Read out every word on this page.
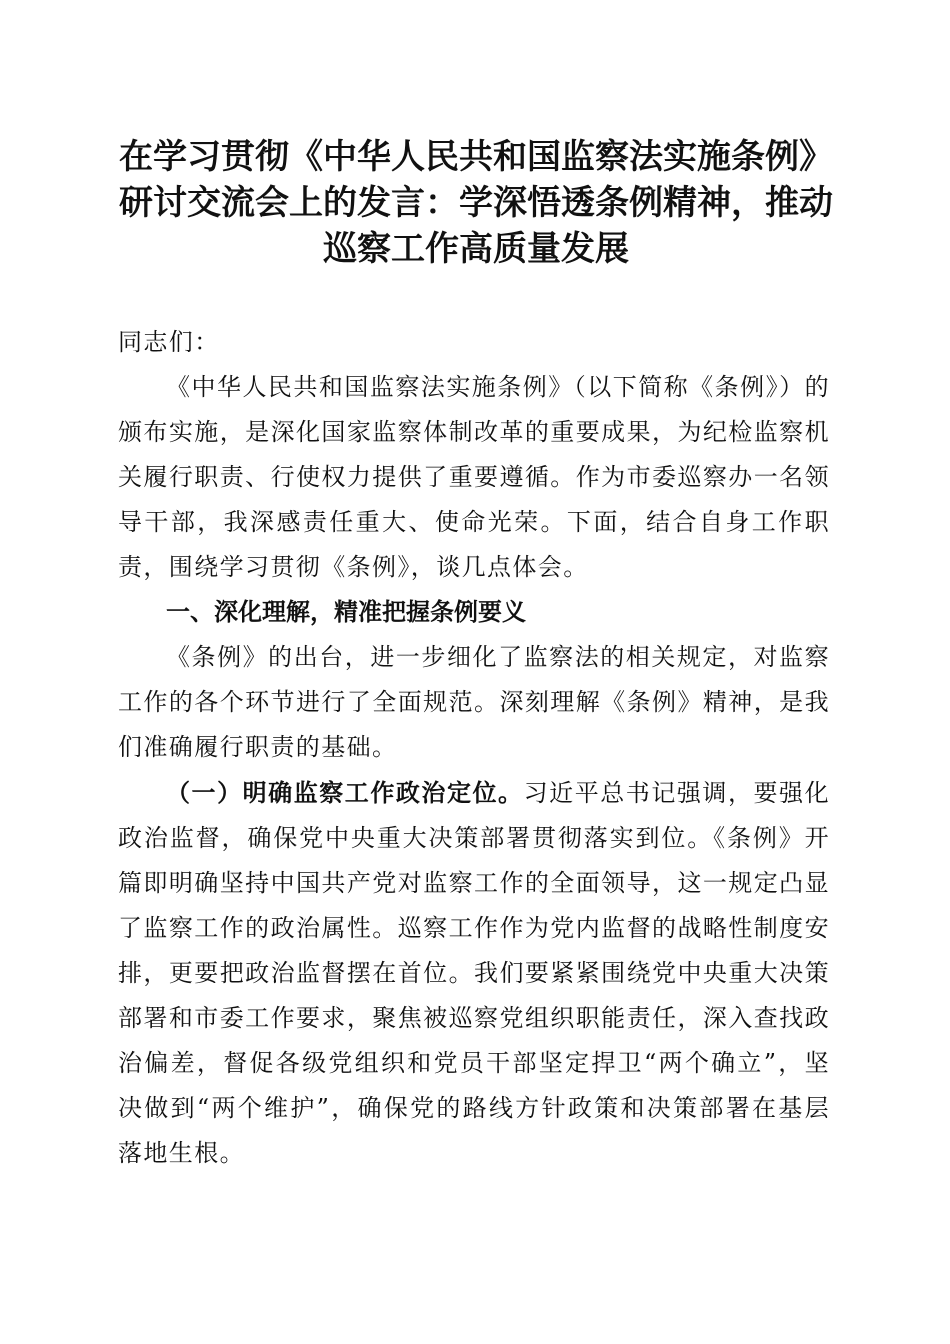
在学习贯彻《中华人民共和国监察法实施条例》研讨交流会上的发言：学深悟透条例精神，推动巡察工作高质量发展

同志们：

《中华人民共和国监察法实施条例》（以下简称《条例》）的颁布实施，是深化国家监察体制改革的重要成果，为纪检监察机关履行职责、行使权力提供了重要遵循。作为市委巡察办一名领导干部，我深感责任重大、使命光荣。下面，结合自身工作职责，围绕学习贯彻《条例》，谈几点体会。

一、深化理解，精准把握条例要义

《条例》的出台，进一步细化了监察法的相关规定，对监察工作的各个环节进行了全面规范。深刻理解《条例》精神，是我们准确履行职责的基础。

（一）明确监察工作政治定位。习近平总书记强调，要强化政治监督，确保党中央重大决策部署贯彻落实到位。《条例》开篇即明确坚持中国共产党对监察工作的全面领导，这一规定凸显了监察工作的政治属性。巡察工作作为党内监督的战略性制度安排，更要把政治监督摆在首位。我们要紧紧围绕党中央重大决策部署和市委工作要求，聚焦被巡察党组织职能责任，深入查找政治偏差，督促各级党组织和党员干部坚定捍卫“两个确立”，坚决做到“两个维护”，确保党的路线方针政策和决策部署在基层落地生根。
